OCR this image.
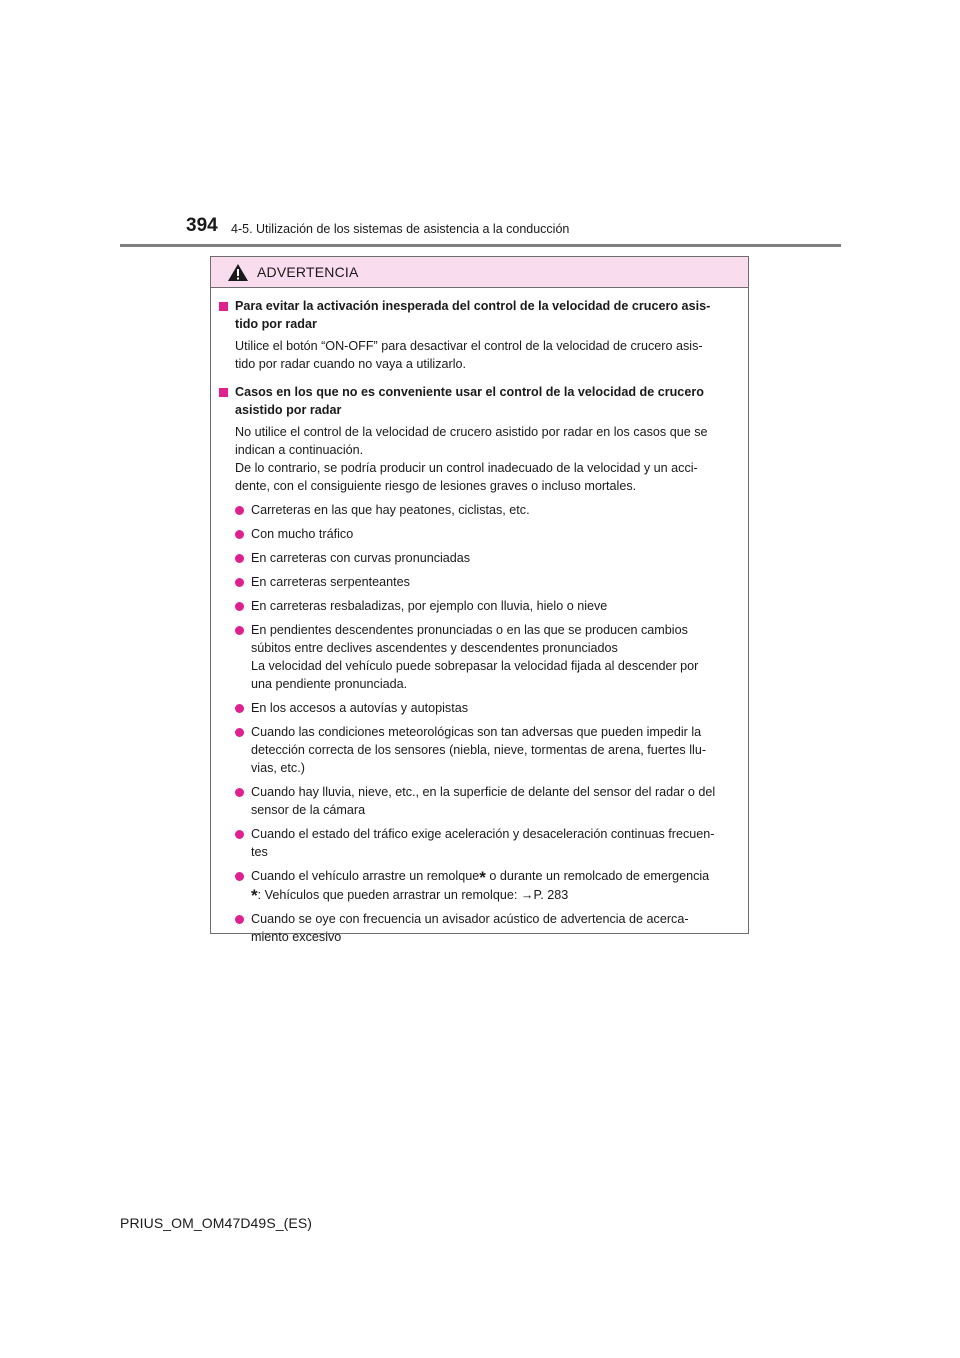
394 4-5. Utilización de los sistemas de asistencia a la conducción
ADVERTENCIA
Para evitar la activación inesperada del control de la velocidad de crucero asis-
tido por radar
Utilice el botón “ON-OFF” para desactivar el control de la velocidad de crucero asis-
tido por radar cuando no vaya a utilizarlo.
Casos en los que no es conveniente usar el control de la velocidad de crucero
asistido por radar
No utilice el control de la velocidad de crucero asistido por radar en los casos que se
indican a continuación.
De lo contrario, se podría producir un control inadecuado de la velocidad y un acci-
dente, con el consiguiente riesgo de lesiones graves o incluso mortales.
Carreteras en las que hay peatones, ciclistas, etc.
Con mucho tráfico
En carreteras con curvas pronunciadas
En carreteras serpenteantes
En carreteras resbaladizas, por ejemplo con lluvia, hielo o nieve
En pendientes descendentes pronunciadas o en las que se producen cambios
súbitos entre declives ascendentes y descendentes pronunciados
La velocidad del vehículo puede sobrepasar la velocidad fijada al descender por
una pendiente pronunciada.
En los accesos a autovías y autopistas
Cuando las condiciones meteorológicas son tan adversas que pueden impedir la
detección correcta de los sensores (niebla, nieve, tormentas de arena, fuertes llu-
vias, etc.)
Cuando hay lluvia, nieve, etc., en la superficie de delante del sensor del radar o del
sensor de la cámara
Cuando el estado del tráfico exige aceleración y desaceleración continuas frecuen-
tes
Cuando el vehículo arrastre un remolque* o durante un remolcado de emergencia
*: Vehículos que pueden arrastrar un remolque: →P. 283
Cuando se oye con frecuencia un avisador acústico de advertencia de acerca-
miento excesivo
PRIUS_OM_OM47D49S_(ES)
